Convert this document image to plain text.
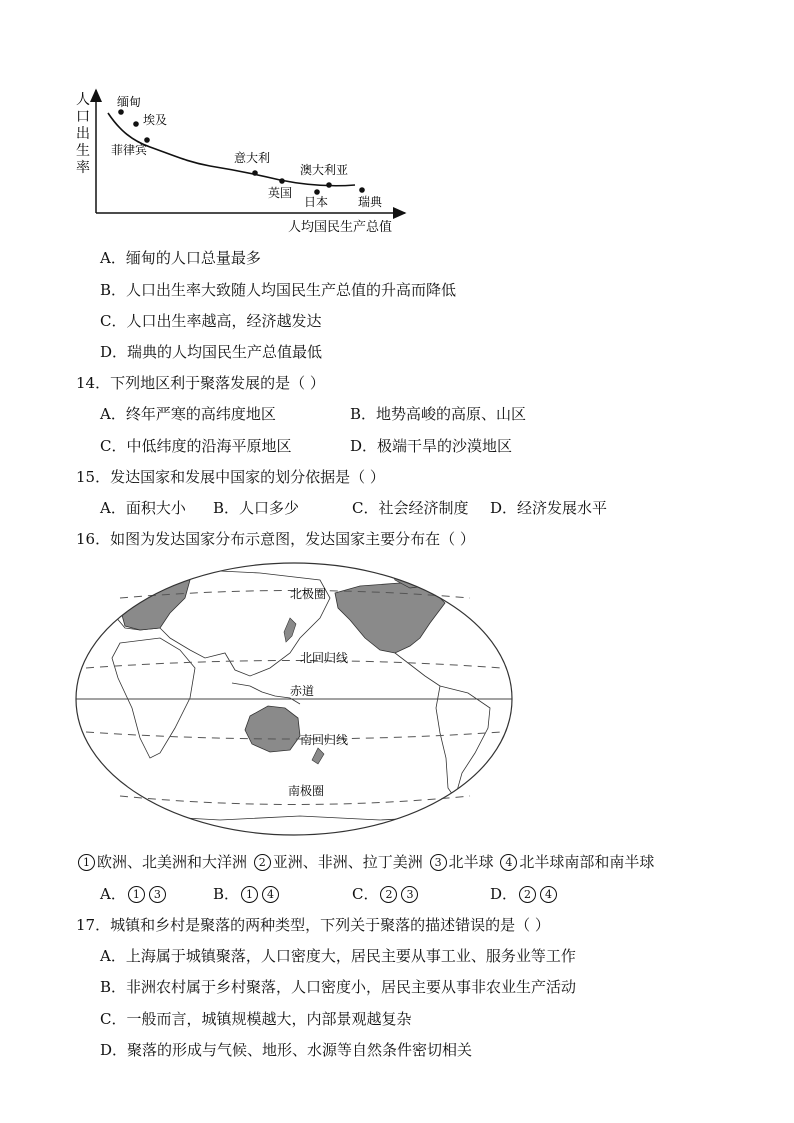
人
口
出
生
率
人均国民生产总值
缅甸
埃及
菲律宾
意大利
英国
澳大利亚
日本 瑞典
A．缅甸的人口总量最多
B．人口出生率大致随人均国民生产总值的升高而降低
C．人口出生率越高，经济越发达
D．瑞典的人均国民生产总值最低
14．下列地区利于聚落发展的是（ ）
A．终年严寒的高纬度地区	B．地势高峻的高原、山区
C．中低纬度的沿海平原地区	D．极端干旱的沙漠地区
15．发达国家和发展中国家的划分依据是（ ）
A．面积大小 B．人口多少	C．社会经济制度 D．经济发展水平
16．如图为发达国家分布示意图，发达国家主要分布在（ ）
北极圈
北回归线
赤道
南回归线
南极圈
1 欧洲、北美洲和大洋洲 2 亚洲、非洲、拉丁美洲 3 北半球 4 北半球南部和南半球
A． 1 3	B． 1 4	C． 2 3	D． 2 4
17．城镇和乡村是聚落的两种类型，下列关于聚落的描述错误的是（ ）
A．上海属于城镇聚落，人口密度大，居民主要从事工业、服务业等工作
B．非洲农村属于乡村聚落，人口密度小，居民主要从事非农业生产活动
C．一般而言，城镇规模越大，内部景观越复杂
D．聚落的形成与气候、地形、水源等自然条件密切相关
